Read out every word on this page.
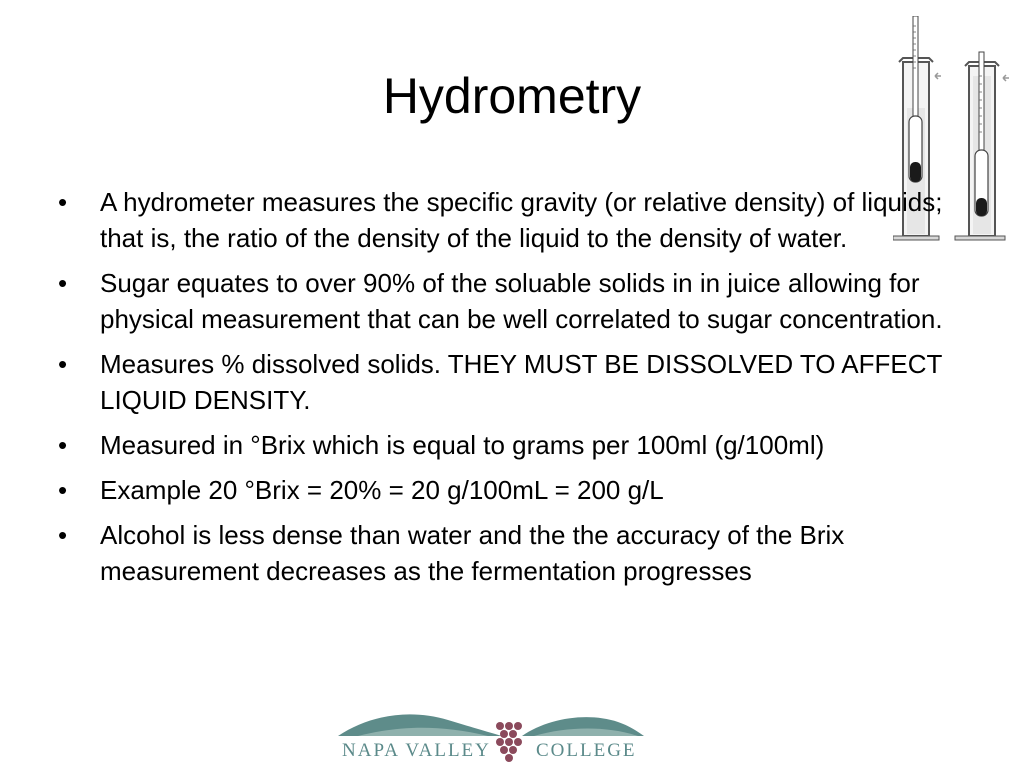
Hydrometry
• A hydrometer measures the specific gravity (or relative density) of liquids; that is, the ratio of the density of the liquid to the density of water.
• Sugar equates to over 90% of the soluable solids in in juice allowing for physical measurement that can be well correlated to sugar concentration.
• Measures % dissolved solids. THEY MUST BE DISSOLVED TO AFFECT LIQUID DENSITY.
• Measured in °Brix which is equal to grams per 100ml (g/100ml)
• Example 20 °Brix = 20% = 20 g/100mL = 200 g/L
• Alcohol is less dense than water and the the accuracy of the Brix measurement decreases as the fermentation progresses
NAPA VALLEY COLLEGE
